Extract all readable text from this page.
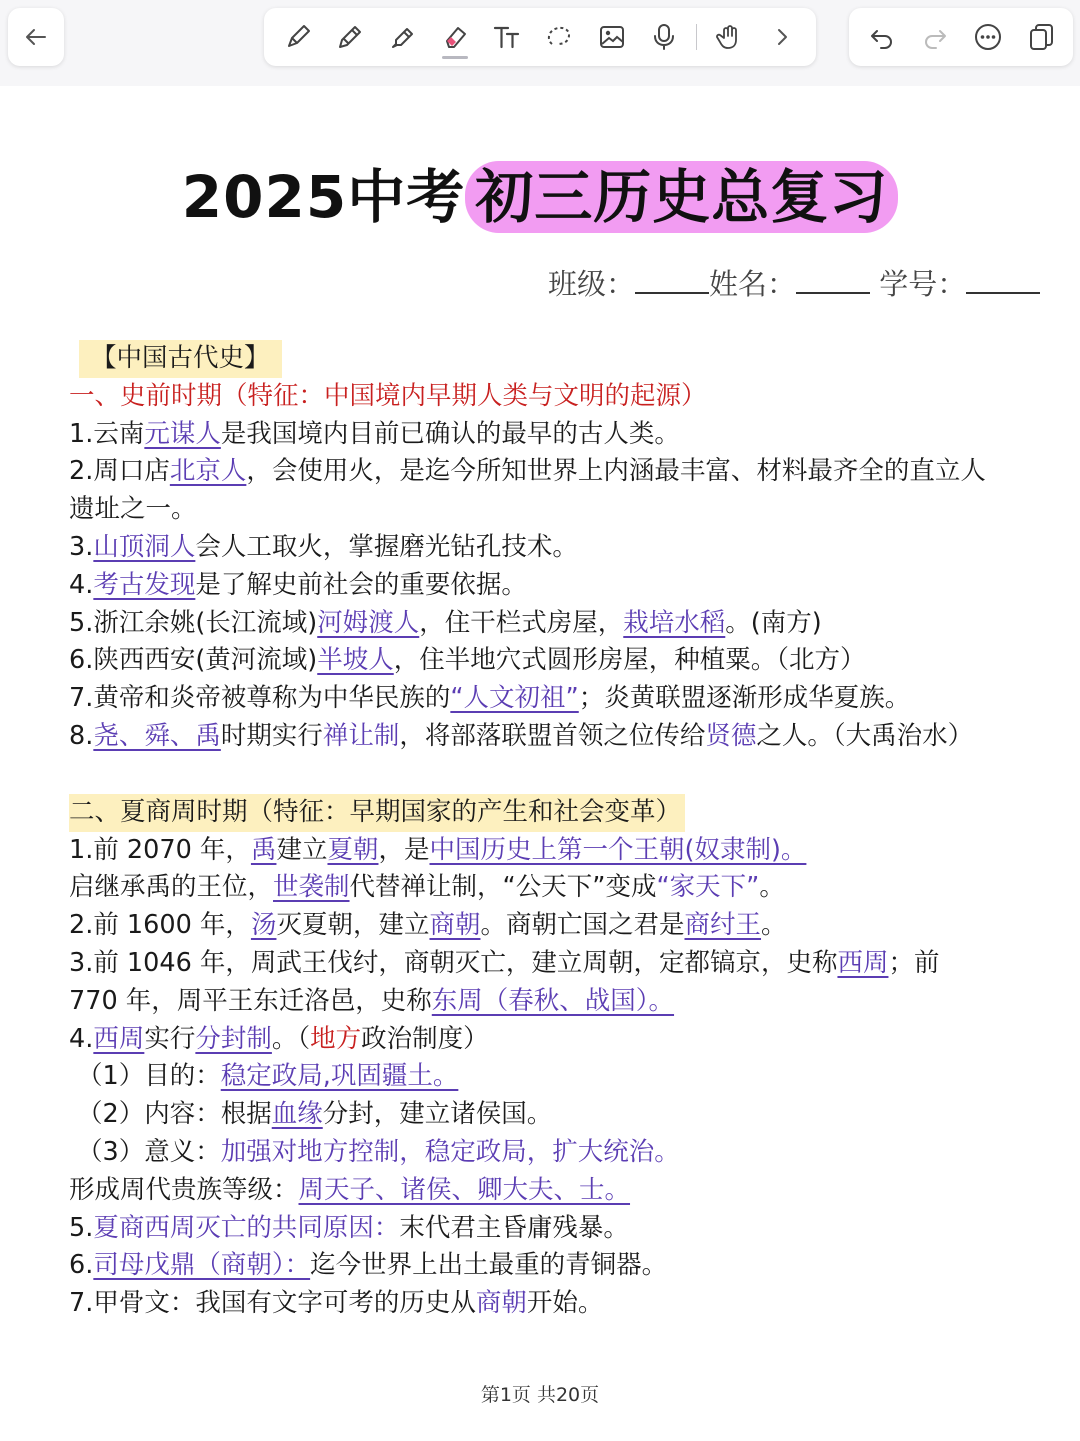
2025中考 初三历史总复习
班级：	姓名：	学号：

【中国古代史】

一、史前时期（特征：中国境内早期人类与文明的起源）

1.云南元谋人是我国境内目前已确认的最早的古人类。

2.周口店北京人，会使用火，是迄今所知世界上内涵最丰富、材料最齐全的直立人遗址之一。

3.山顶洞人会人工取火，掌握磨光钻孔技术。

4.考古发现是了解史前社会的重要依据。

5.浙江余姚(长江流域)河姆渡人，住干栏式房屋，栽培水稻。(南方)

6.陕西西安(黄河流域)半坡人，住半地穴式圆形房屋，种植粟。（北方）

7.黄帝和炎帝被尊称为中华民族的“人文初祖”；炎黄联盟逐渐形成华夏族。

8.尧、舜、禹时期实行禅让制，将部落联盟首领之位传给贤德之人。（大禹治水）

二、夏商周时期（特征：早期国家的产生和社会变革）

1.前 2070 年，禹建立夏朝，是中国历史上第一个王朝(奴隶制)。

启继承禹的王位，世袭制代替禅让制，“公天下”变成“家天下”。

2.前 1600 年，汤灭夏朝，建立商朝。商朝亡国之君是商纣王。

3.前 1046 年，周武王伐纣，商朝灭亡，建立周朝，定都镐京，史称西周；前

770 年，周平王东迁洛邑，史称东周（春秋、战国）。

4.西周实行分封制。（地方政治制度）

（1）目的：稳定政局,巩固疆土。

（2）内容：根据血缘分封，建立诸侯国。

（3）意义：加强对地方控制，稳定政局，扩大统治。

形成周代贵族等级：周天子、诸侯、卿大夫、士。

5.夏商西周灭亡的共同原因：末代君主昏庸残暴。

6.司母戊鼎（商朝）：迄今世界上出土最重的青铜器。

7.甲骨文：我国有文字可考的历史从商朝开始。

第1页 共20页
